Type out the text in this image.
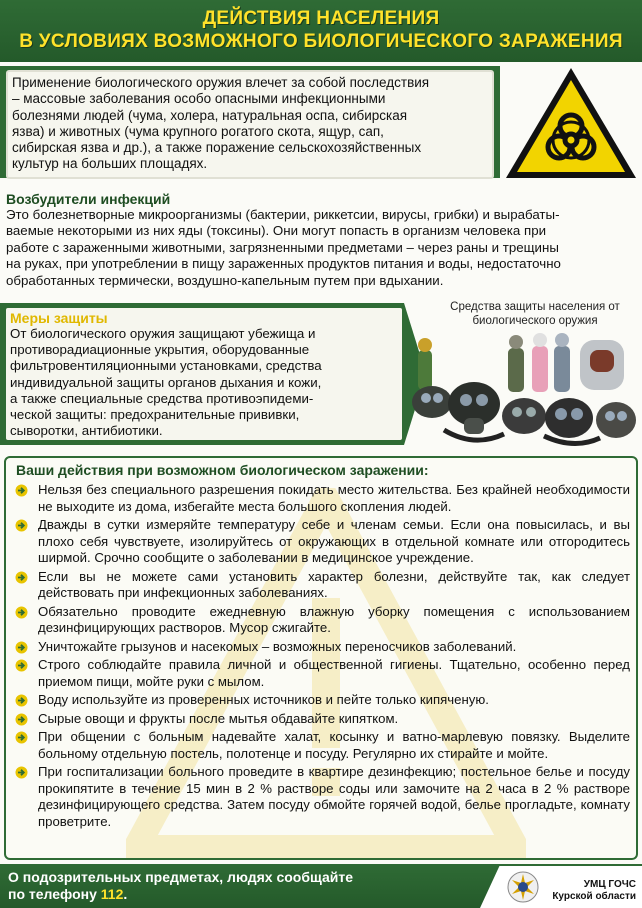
ДЕЙСТВИЯ НАСЕЛЕНИЯ
В УСЛОВИЯХ ВОЗМОЖНОГО БИОЛОГИЧЕСКОГО ЗАРАЖЕНИЯ
Применение биологического оружия влечет за собой последствия
– массовые заболевания особо опасными инфекционными
болезнями людей (чума, холера, натуральная оспа, сибирская
язва) и животных (чума крупного рогатого скота, ящур, сап,
сибирская язва и др.), а также поражение сельскохозяйственных
культур на больших площадях.
Возбудители инфекций
Это болезнетворные микроорганизмы (бактерии, риккетсии, вирусы, грибки) и вырабаты-
ваемые некоторыми из них яды (токсины). Они могут попасть в организм человека при
работе с зараженными животными, загрязненными предметами – через раны и трещины
на руках, при употреблении в пищу зараженных продуктов питания и воды, недостаточно
обработанных термически, воздушно-капельным путем при вдыхании.
Меры защиты
От биологического оружия защищают убежища и
противорадиационные укрытия, оборудованные
фильтровентиляционными установками, средства
индивидуальной защиты органов дыхания и кожи,
а также специальные средства противоэпидеми-
ческой защиты: предохранительные прививки,
сыворотки, антибиотики.
Средства защиты населения от
биологического оружия
Ваши действия при возможном биологическом заражении:
Нельзя без специального разрешения покидать место жительства. Без крайней необходимости не выходите из дома, избегайте места большого скопления людей.
Дважды в сутки измеряйте температуру себе и членам семьи. Если она повысилась, и вы плохо себя чувствуете, изолируйтесь от окружающих в отдельной комнате или отгородитесь ширмой. Срочно сообщите о заболевании в медицинское учреждение.
Если вы не можете сами установить характер болезни, действуйте так, как следует действовать при инфекционных заболеваниях.
Обязательно проводите ежедневную влажную уборку помещения с использованием дезинфицирующих растворов. Мусор сжигайте.
Уничтожайте грызунов и насекомых – возможных переносчиков заболеваний.
Строго соблюдайте правила личной и общественной гигиены. Тщательно, особенно перед приемом пищи, мойте руки с мылом.
Воду используйте из проверенных источников и пейте только кипяченую.
Сырые овощи и фрукты после мытья обдавайте кипятком.
При общении с больным надевайте халат, косынку и ватно-марлевую повязку. Выделите больному отдельную постель, полотенце и посуду. Регулярно их стирайте и мойте.
При госпитализации больного проведите в квартире дезинфекцию; постельное белье и посуду прокипятите в течение 15 мин в 2 % растворе соды или замочите на 2 часа в 2 % растворе дезинфицирующего средства. Затем посуду обмойте горячей водой, белье прогладьте, комнату проветрите.
О подозрительных предметах, людях сообщайте
по телефону 112.
УМЦ ГОЧС
Курской области
